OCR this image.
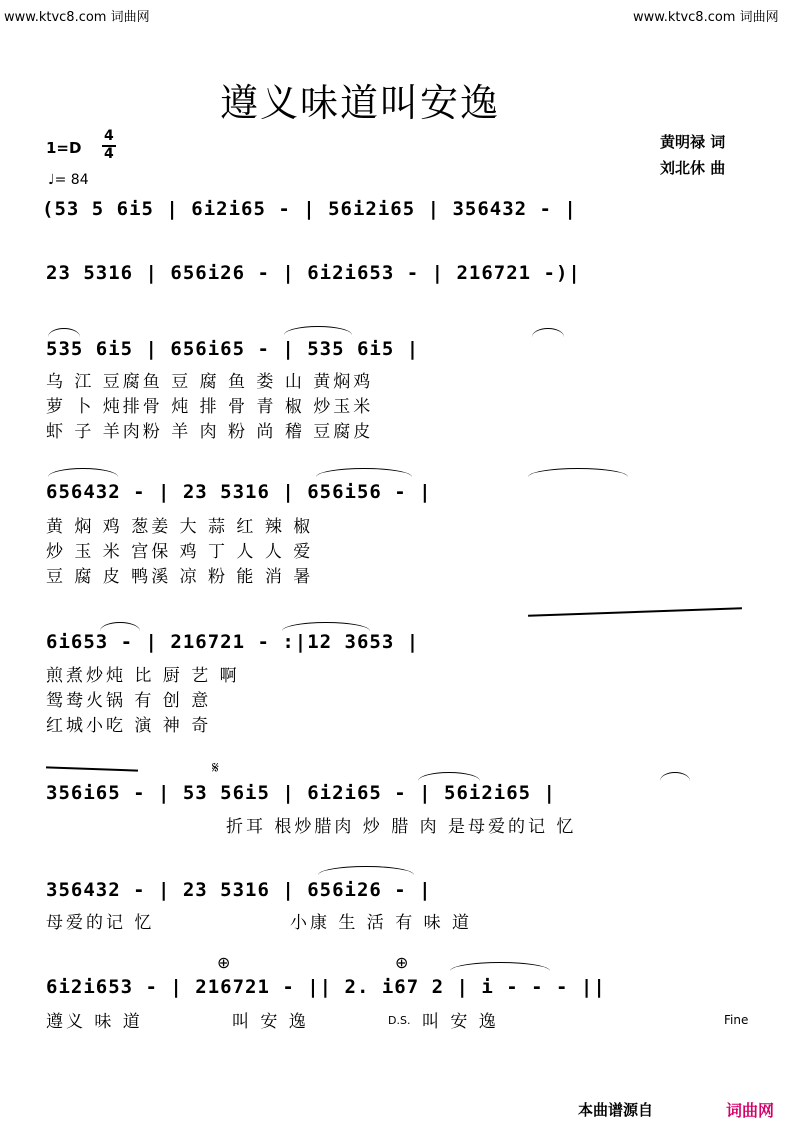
www.ktvc8.com 词曲网	www.ktvc8.com 词曲网
遵义味道叫安逸
1=D
4
4
♩= 84
黄明禄 词
刘北休 曲
(53 5 6i5 | 6i2i65 - | 56i2i65 | 356432 - |
23 5316 | 656i26 - | 6i2i653 - | 216721 -)|
535 6i5 | 656i65 - | 535 6i5 |
乌 江 豆腐鱼 豆 腐 鱼 娄 山 黄焖鸡
萝 卜 炖排骨 炖 排 骨 青 椒 炒玉米
虾 子 羊肉粉 羊 肉 粉 尚 稽 豆腐皮
656432 - | 23 5316 | 656i56 - |
黄 焖 鸡 葱姜 大 蒜 红 辣 椒
炒 玉 米 宫保 鸡 丁 人 人 爱
豆 腐 皮 鸭溪 凉 粉 能 消 暑
6i653 - | 216721 - :|12 3653 |
煎煮炒炖 比 厨 艺 啊
鸳鸯火锅 有 创 意
红城小吃 演 神 奇
𝄋
356i65 - | 53 56i5 | 6i2i65 - | 56i2i65 |
折耳 根炒腊肉 炒 腊 肉 是母爱的记 忆
356432 - | 23 5316 | 656i26 - |
母爱的记 忆	小康 生 活 有 味 道
⊕	⊕
6i2i653 - | 216721 - || 2. i67 2 | i - - - ||
遵义 味 道	叫 安 逸	D.S. 叫 安 逸	Fine
本曲谱源自	词曲网
